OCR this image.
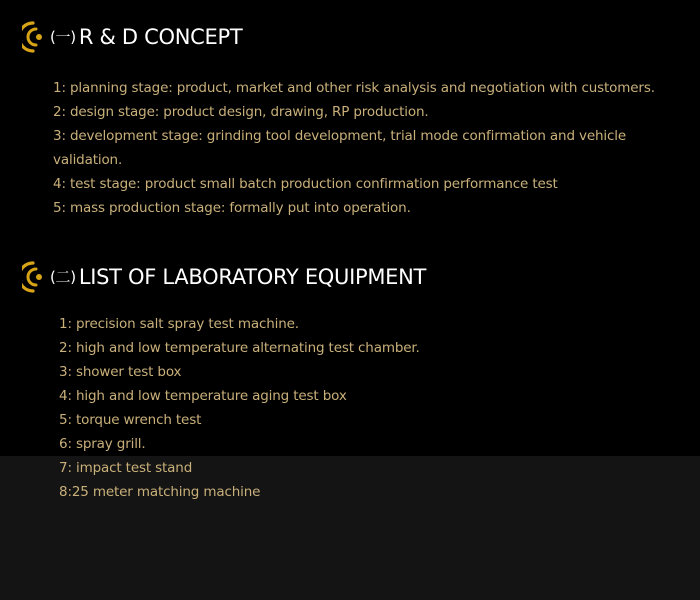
(一) R & D CONCEPT
1: planning stage: product, market and other risk analysis and negotiation with customers.
2: design stage: product design, drawing, RP production.
3: development stage: grinding tool development, trial mode confirmation and vehicle validation.
4: test stage: product small batch production confirmation performance test
5: mass production stage: formally put into operation.
(二) LIST OF LABORATORY EQUIPMENT
1: precision salt spray test machine.
2: high and low temperature alternating test chamber.
3: shower test box
4: high and low temperature aging test box
5: torque wrench test
6: spray grill.
7: impact test stand
8:25 meter matching machine
